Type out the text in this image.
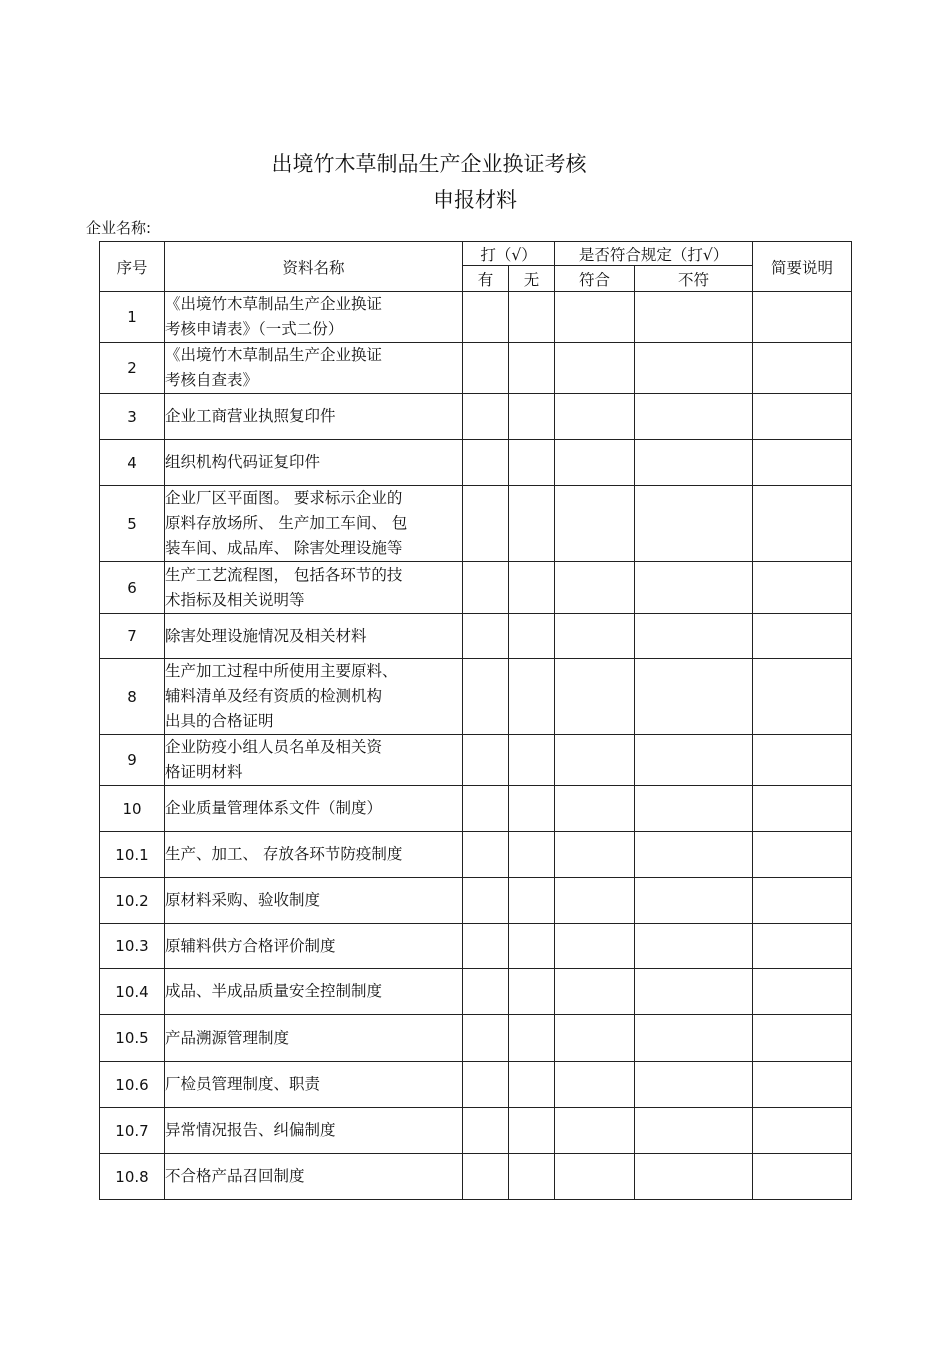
出境竹木草制品生产企业换证考核
申报材料
企业名称:
序号	资料名称	打（√）		是否符合规定（打√）		简要说明
		有	无	符合	不符	
1	《出境竹木草制品生产企业换证
考核申请表》（一式二份）					

2	《出境竹木草制品生产企业换证
考核自查表》					

3	企业工商营业执照复印件					

4	组织机构代码证复印件					

5	企业厂区平面图。 要求标示企业的
原料存放场所、 生产加工车间、 包
装车间、成品库、 除害处理设施等					

6	生产工艺流程图， 包括各环节的技
术指标及相关说明等					

7	除害处理设施情况及相关材料					

8	生产加工过程中所使用主要原料、
辅料清单及经有资质的检测机构
出具的合格证明					

9	企业防疫小组人员名单及相关资
格证明材料					

10	企业质量管理体系文件（制度）					

10.1	生产、加工、 存放各环节防疫制度					

10.2	原材料采购、验收制度					

10.3	原辅料供方合格评价制度					

10.4	成品、半成品质量安全控制制度					

10.5	产品溯源管理制度					

10.6	厂检员管理制度、职责					

10.7	异常情况报告、纠偏制度					

10.8	不合格产品召回制度					
